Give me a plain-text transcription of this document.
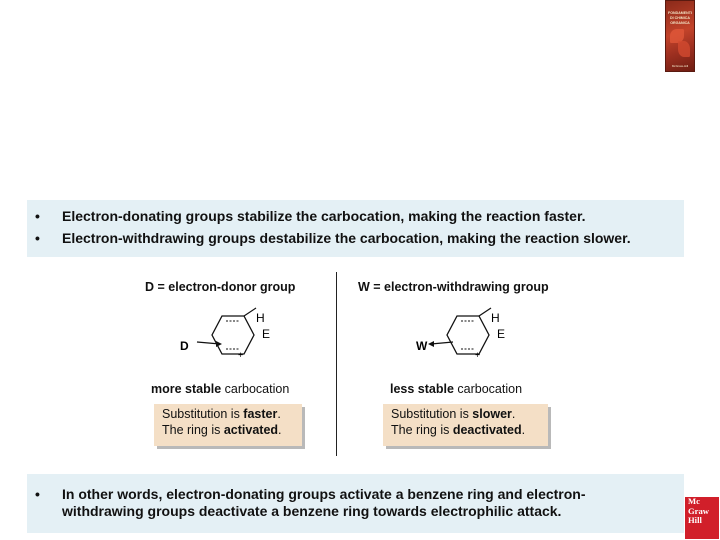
FONDAMENTI
DI CHIMICA
ORGANICA
McGraw-Hill
• Electron-donating groups stabilize the carbocation, making the reaction faster.
• Electron-withdrawing groups destabilize the carbocation, making the reaction slower.
D = electron-donor group	W = electron-withdrawing group
H
E
+
D
H
E
+
W
more stable carbocation	less stable carbocation
Substitution is faster.
The ring is activated.
Substitution is slower.
The ring is deactivated.
• In other words, electron-donating groups activate a benzene ring and electron-withdrawing groups deactivate a benzene ring towards electrophilic attack.
Mc
Graw
Hill
